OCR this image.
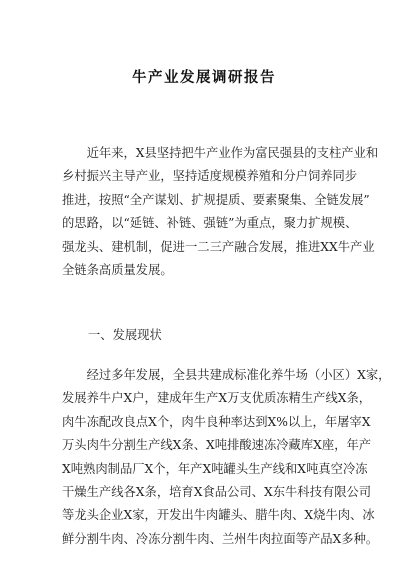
牛产业发展调研报告
　　近年来，X县坚持把牛产业作为富民强县的支柱产业和
乡村振兴主导产业，坚持适度规模养殖和分户饲养同步
推进，按照“全产谋划、扩规提质、要素聚集、全链发展”
的思路，以“延链、补链、强链”为重点，聚力扩规模、
强龙头、建机制，促进一二三产融合发展，推进XX牛产业
全链条高质量发展。
一、发展现状
　　经过多年发展，全县共建成标准化养牛场（小区）X家，
发展养牛户X户，建成年生产X万支优质冻精生产线X条，
肉牛冻配改良点X个，肉牛良种率达到X%以上，年屠宰X
万头肉牛分割生产线X条、X吨排酸速冻冷藏库X座，年产
X吨熟肉制品厂X个，年产X吨罐头生产线和X吨真空冷冻
干燥生产线各X条，培育X食品公司、X东牛科技有限公司
等龙头企业X家，开发出牛肉罐头、腊牛肉、X烧牛肉、冰
鲜分割牛肉、冷冻分割牛肉、兰州牛肉拉面等产品X多种。
